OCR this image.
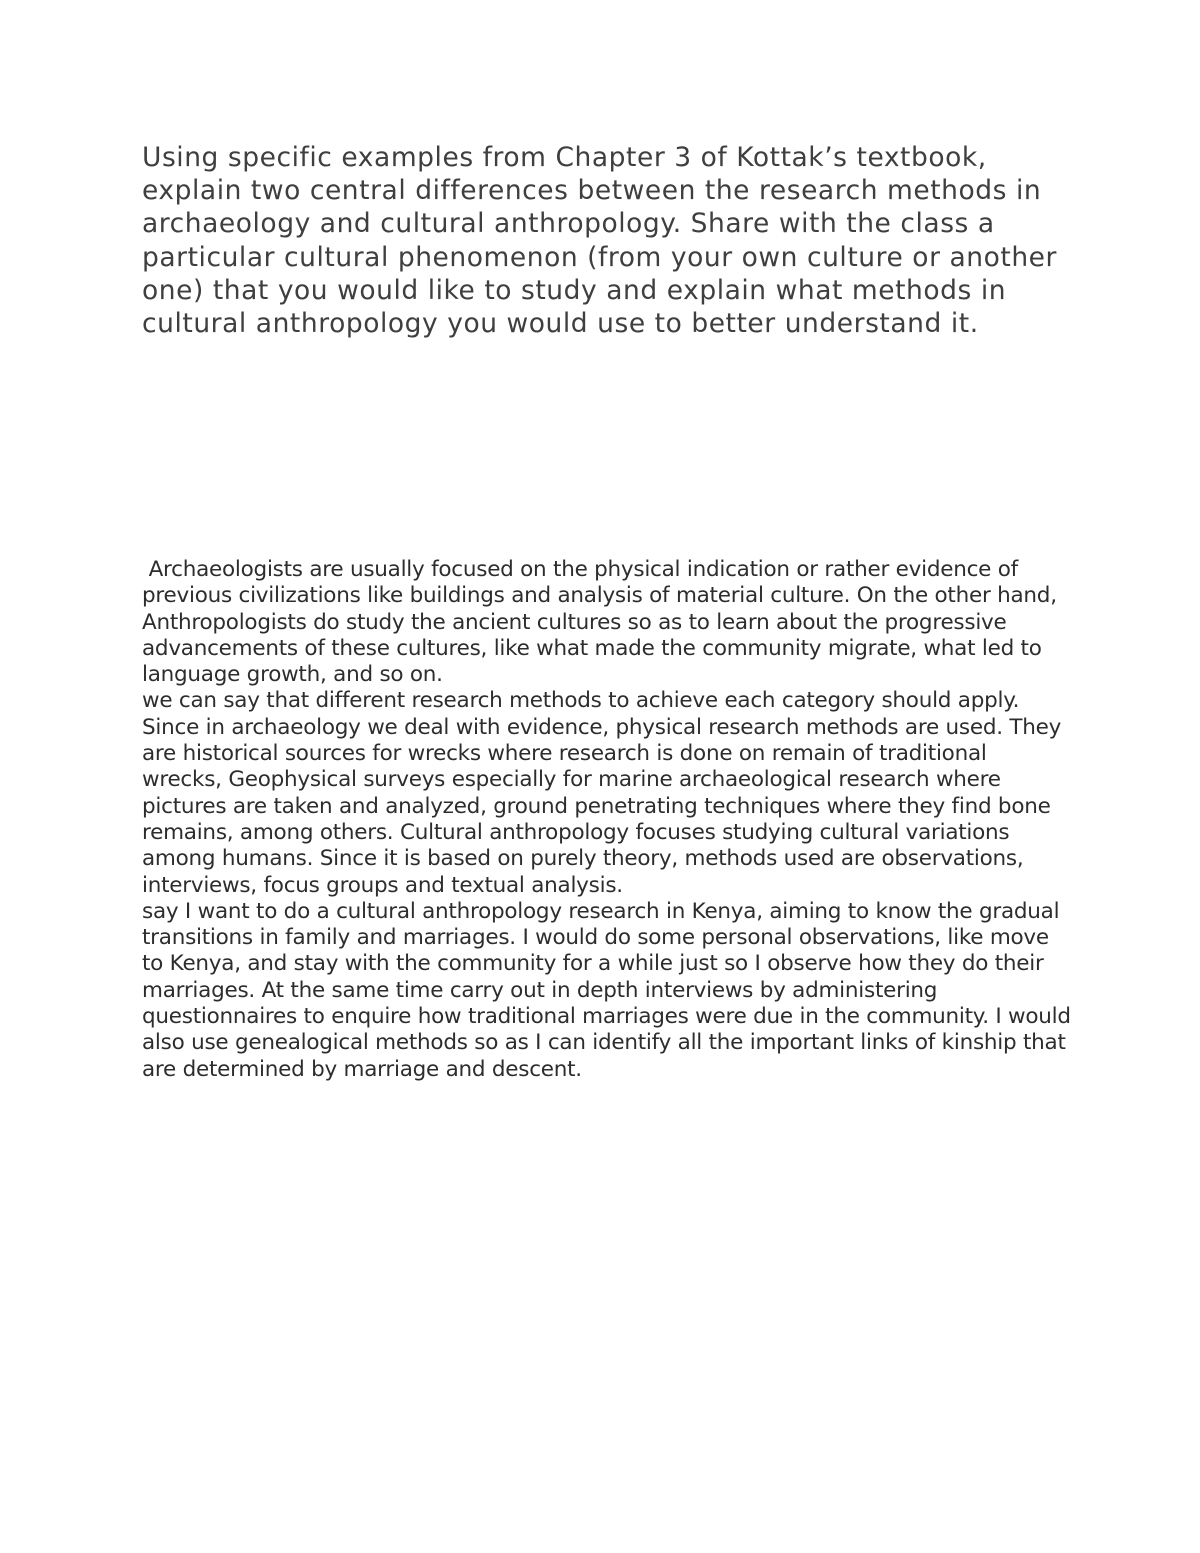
Using specific examples from Chapter 3 of Kottak’s textbook, explain two central differences between the research methods in archaeology and cultural anthropology. Share with the class a particular cultural phenomenon (from your own culture or another one) that you would like to study and explain what methods in cultural anthropology you would use to better understand it.

Archaeologists are usually focused on the physical indication or rather evidence of previous civilizations like buildings and analysis of material culture. On the other hand, Anthropologists do study the ancient cultures so as to learn about the progressive advancements of these cultures, like what made the community migrate, what led to language growth, and so on.

we can say that different research methods to achieve each category should apply. Since in archaeology we deal with evidence, physical research methods are used. They are historical sources for wrecks where research is done on remain of traditional wrecks, Geophysical surveys especially for marine archaeological research where pictures are taken and analyzed, ground penetrating techniques where they find bone remains, among others. Cultural anthropology focuses studying cultural variations among humans. Since it is based on purely theory, methods used are observations, interviews, focus groups and textual analysis.

say I want to do a cultural anthropology research in Kenya, aiming to know the gradual transitions in family and marriages. I would do some personal observations, like move to Kenya, and stay with the community for a while just so I observe how they do their marriages. At the same time carry out in depth interviews by administering questionnaires to enquire how traditional marriages were due in the community. I would also use genealogical methods so as I can identify all the important links of kinship that are determined by marriage and descent.
